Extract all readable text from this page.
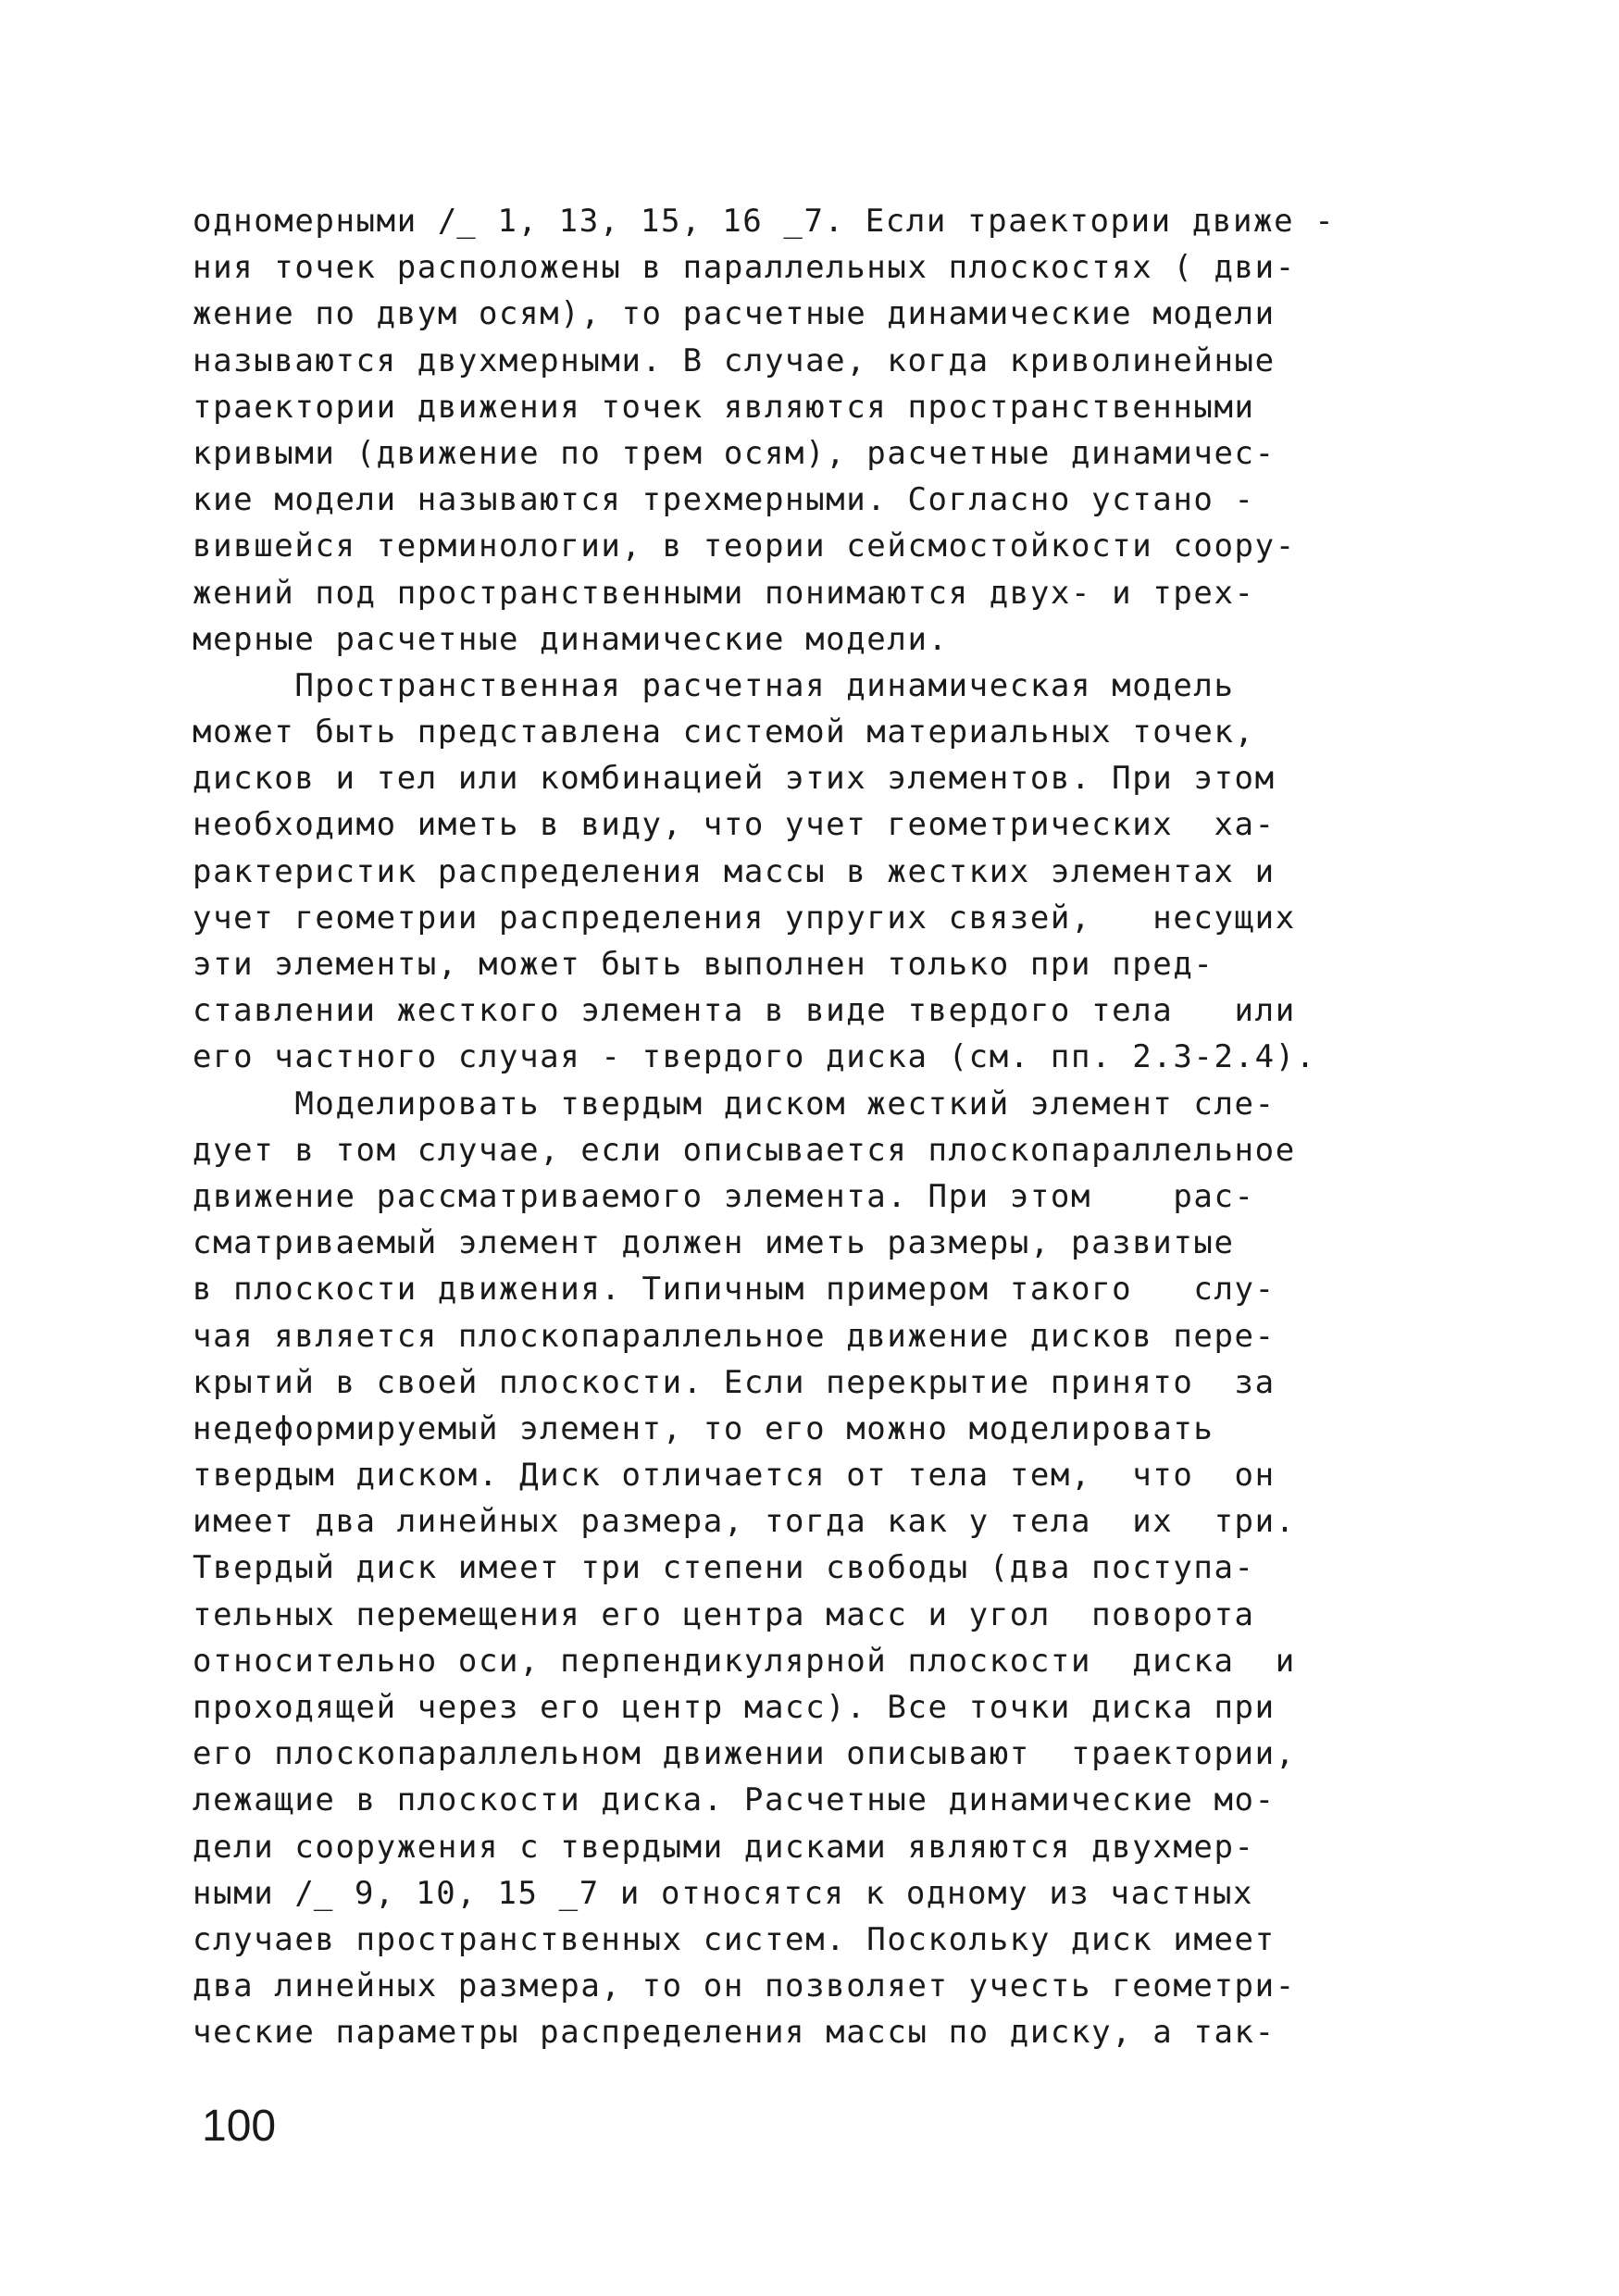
одномерными /̲ 1, 13, 15, 16 _7. Если траектории движе -
ния точек расположены в параллельных плоскостях ( дви-
жение по двум осям), то расчетные динамические модели
называются двухмерными. В случае, когда криволинейные
траектории движения точек являются пространственными
кривыми (движение по трем осям), расчетные динамичес-
кие модели называются трехмерными. Согласно устано -
вившейся терминологии, в теории сейсмостойкости соору-
жений под пространственными понимаются двух- и трех-
мерные расчетные динамические модели.
Пространственная расчетная динамическая модель
может быть представлена системой материальных точек,
дисков и тел или комбинацией этих элементов. При этом
необходимо иметь в виду, что учет геометрических  ха-
рактеристик распределения массы в жестких элементах и
учет геометрии распределения упругих связей,   несущих
эти элементы, может быть выполнен только при пред-
ставлении жесткого элемента в виде твердого тела   или
его частного случая - твердого диска (см. пп. 2.3-2.4).
Моделировать твердым диском жесткий элемент сле-
дует в том случае, если описывается плоскопараллельное
движение рассматриваемого элемента. При этом    рас-
сматриваемый элемент должен иметь размеры, развитые
в плоскости движения. Типичным примером такого   слу-
чая является плоскопараллельное движение дисков пере-
крытий в своей плоскости. Если перекрытие принято  за
недеформируемый элемент, то его можно моделировать
твердым диском. Диск отличается от тела тем,  что  он
имеет два линейных размера, тогда как у тела  их  три.
Твердый диск имеет три степени свободы (два поступа-
тельных перемещения его центра масс и угол  поворота
относительно оси, перпендикулярной плоскости  диска  и
проходящей через его центр масс). Все точки диска при
его плоскопараллельном движении описывают  траектории,
лежащие в плоскости диска. Расчетные динамические мо-
дели сооружения с твердыми дисками являются двухмер-
ными /̲ 9, 10, 15 _7 и относятся к одному из частных
случаев пространственных систем. Поскольку диск имеет
два линейных размера, то он позволяет учесть геометри-
ческие параметры распределения массы по диску, а так-
100
